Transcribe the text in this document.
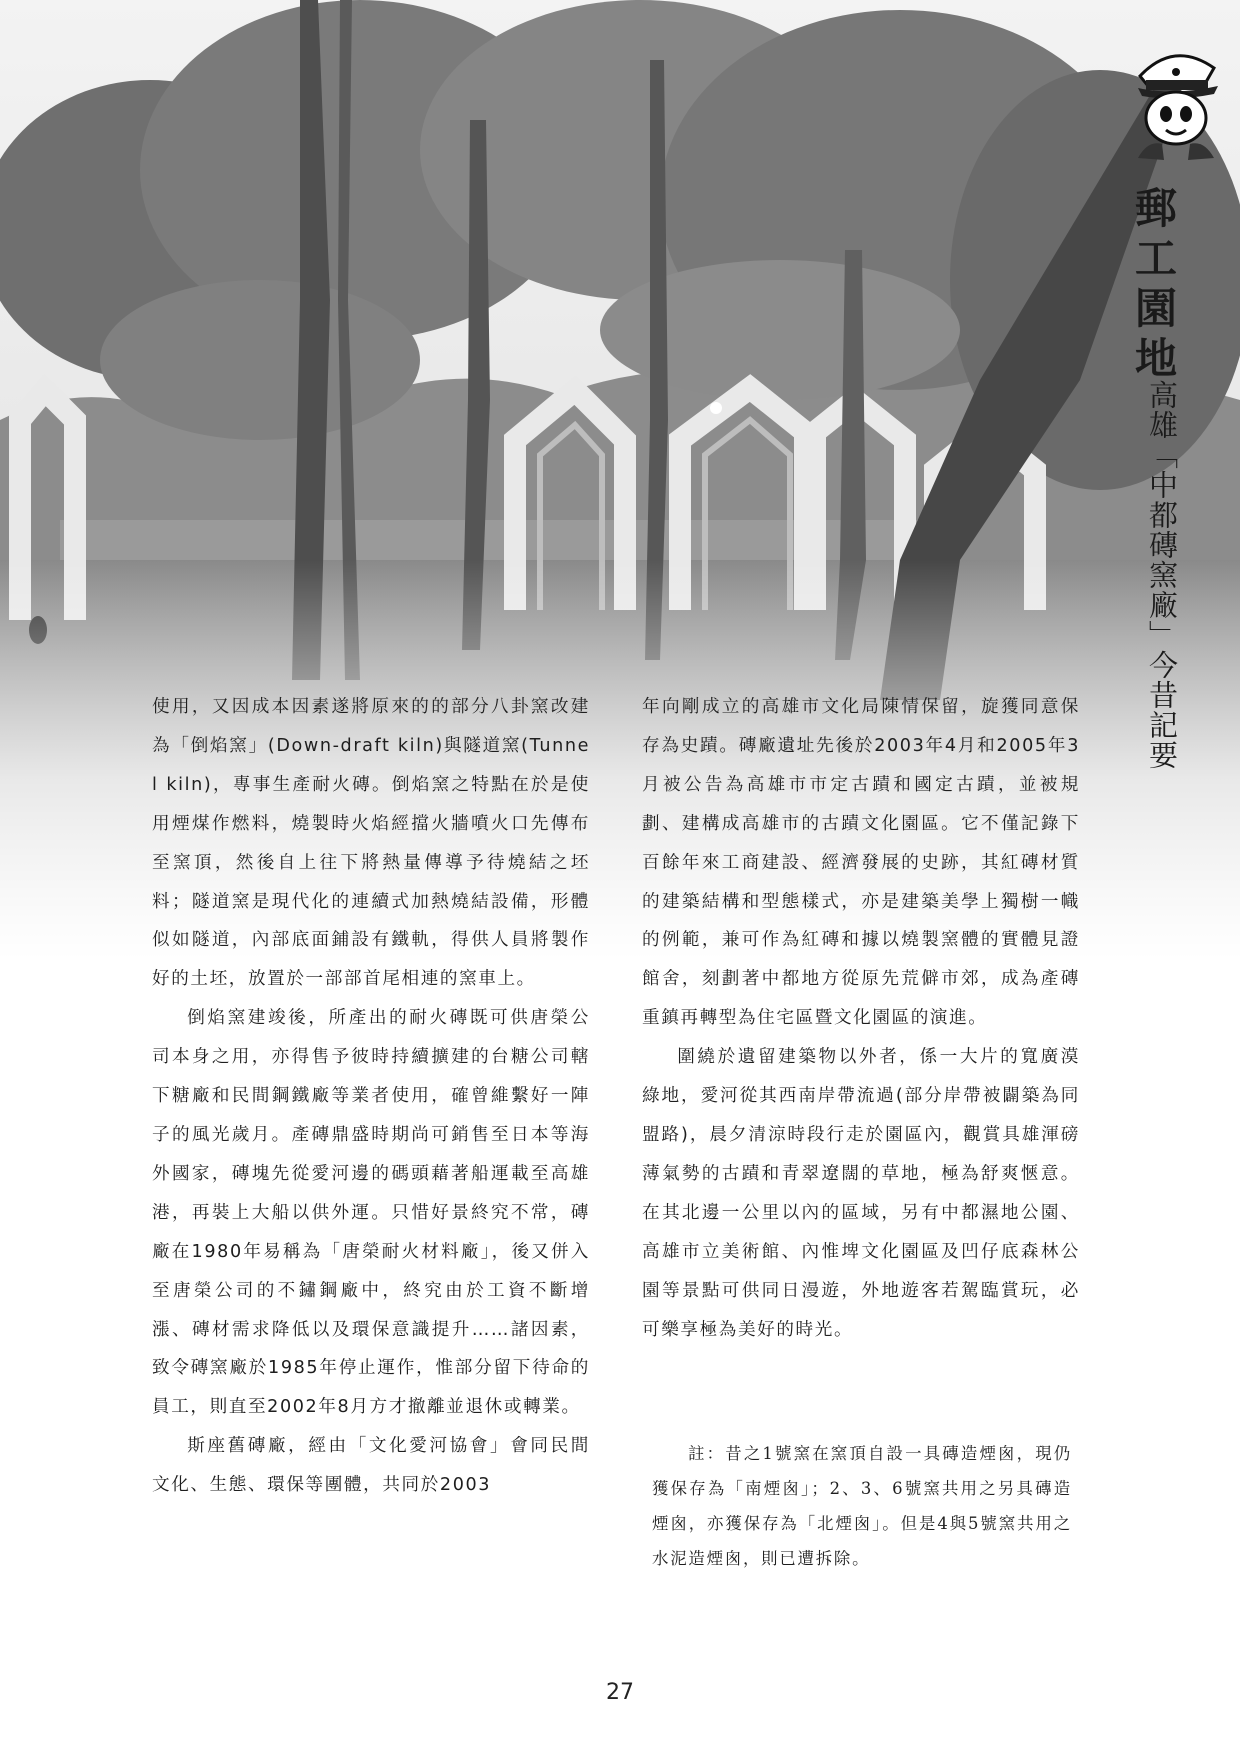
郵工園地
高雄「中都磚窯廠」今昔記要

使用，又因成本因素遂將原來的的部分八卦窯改建為「倒焰窯」(Down-draft kiln)與隧道窯(Tunnel kiln)，專事生產耐火磚。倒焰窯之特點在於是使用煙煤作燃料，燒製時火焰經擋火牆噴火口先傳布至窯頂，然後自上往下將熱量傳導予待燒結之坯料；隧道窯是現代化的連續式加熱燒結設備，形體似如隧道，內部底面鋪設有鐵軌，得供人員將製作好的土坯，放置於一部部首尾相連的窯車上。

倒焰窯建竣後，所產出的耐火磚既可供唐榮公司本身之用，亦得售予彼時持續擴建的台糖公司轄下糖廠和民間鋼鐵廠等業者使用，確曾維繫好一陣子的風光歲月。產磚鼎盛時期尚可銷售至日本等海外國家，磚塊先從愛河邊的碼頭藉著船運載至高雄港，再裝上大船以供外運。只惜好景終究不常，磚廠在1980年易稱為「唐榮耐火材料廠」，後又併入至唐榮公司的不鏽鋼廠中，終究由於工資不斷增漲、磚材需求降低以及環保意識提升……諸因素，致令磚窯廠於1985年停止運作，惟部分留下待命的員工，則直至2002年8月方才撤離並退休或轉業。

斯座舊磚廠，經由「文化愛河協會」會同民間文化、生態、環保等團體，共同於2003

年向剛成立的高雄市文化局陳情保留，旋獲同意保存為史蹟。磚廠遺址先後於2003年4月和2005年3月被公告為高雄市市定古蹟和國定古蹟，並被規劃、建構成高雄市的古蹟文化園區。它不僅記錄下百餘年來工商建設、經濟發展的史跡，其紅磚材質的建築結構和型態樣式，亦是建築美學上獨樹一幟的例範，兼可作為紅磚和據以燒製窯體的實體見證館舍，刻劃著中都地方從原先荒僻市郊，成為產磚重鎮再轉型為住宅區暨文化園區的演進。

圍繞於遺留建築物以外者，係一大片的寬廣漠綠地，愛河從其西南岸帶流過(部分岸帶被闢築為同盟路)，晨夕清涼時段行走於園區內，觀賞具雄渾磅薄氣勢的古蹟和青翠遼闊的草地，極為舒爽愜意。在其北邊一公里以內的區域，另有中都濕地公園、高雄市立美術館、內惟埤文化園區及凹仔底森林公園等景點可供同日漫遊，外地遊客若駕臨賞玩，必可樂享極為美好的時光。

註：昔之1號窯在窯頂自設一具磚造煙囪，現仍獲保存為「南煙囪」；2、3、6號窯共用之另具磚造煙囪，亦獲保存為「北煙囪」。但是4與5號窯共用之水泥造煙囪，則已遭拆除。

27
